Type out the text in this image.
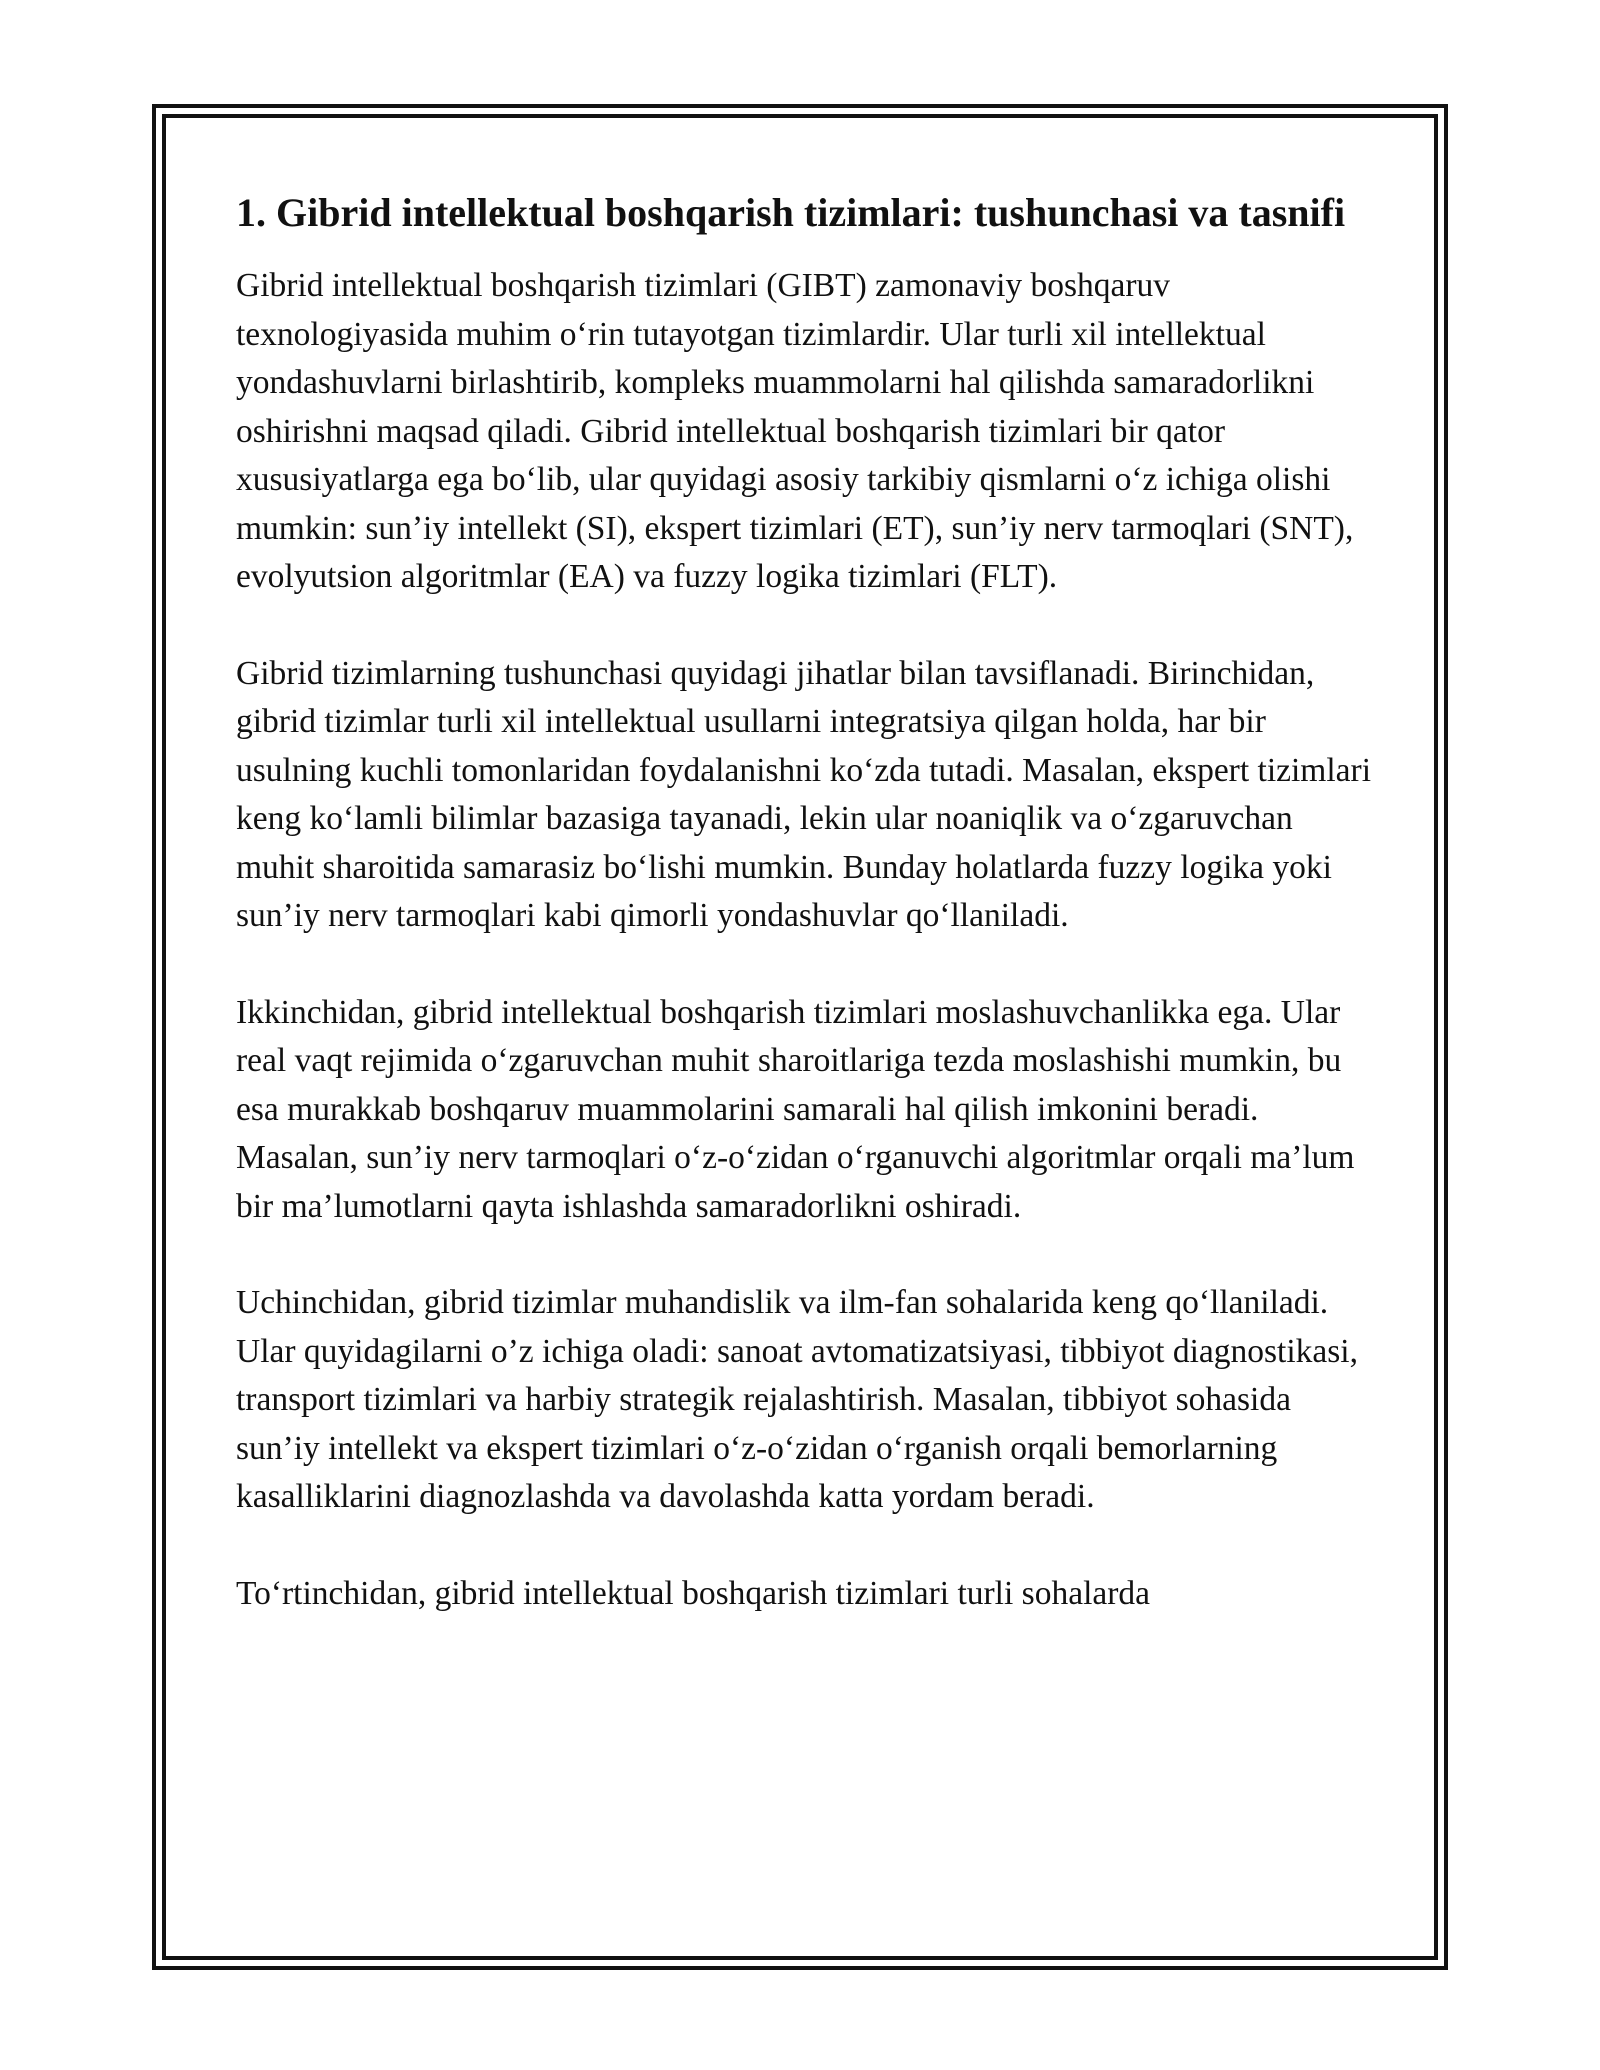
1. Gibrid intellektual boshqarish tizimlari: tushunchasi va tasnifi

Gibrid intellektual boshqarish tizimlari (GIBT) zamonaviy boshqaruv texnologiyasida muhim oʻrin tutayotgan tizimlardir. Ular turli xil intellektual yondashuvlarni birlashtirib, kompleks muammolarni hal qilishda samaradorlikni oshirishni maqsad qiladi. Gibrid intellektual boshqarish tizimlari bir qator xususiyatlarga ega boʻlib, ular quyidagi asosiy tarkibiy qismlarni oʻz ichiga olishi mumkin: sunʼiy intellekt (SI), ekspert tizimlari (ET), sun’iy nerv tarmoqlari (SNT), evolyutsion algoritmlar (EA) va fuzzy logika tizimlari (FLT).

Gibrid tizimlarning tushunchasi quyidagi jihatlar bilan tavsiflanadi. Birinchidan, gibrid tizimlar turli xil intellektual usullarni integratsiya qilgan holda, har bir usulning kuchli tomonlaridan foydalanishni koʻzda tutadi. Masalan, ekspert tizimlari keng koʻlamli bilimlar bazasiga tayanadi, lekin ular noaniqlik va oʻzgaruvchan muhit sharoitida samarasiz boʻlishi mumkin. Bunday holatlarda fuzzy logika yoki sun’iy nerv tarmoqlari kabi qimorli yondashuvlar qoʻllaniladi.

Ikkinchidan, gibrid intellektual boshqarish tizimlari moslashuvchanlikka ega. Ular real vaqt rejimida oʻzgaruvchan muhit sharoitlariga tezda moslashishi mumkin, bu esa murakkab boshqaruv muammolarini samarali hal qilish imkonini beradi. Masalan, sun’iy nerv tarmoqlari oʻz-oʻzidan oʻrganuvchi algoritmlar orqali ma’lum bir ma’lumotlarni qayta ishlashda samaradorlikni oshiradi.

Uchinchidan, gibrid tizimlar muhandislik va ilm-fan sohalarida keng qoʻllaniladi. Ular quyidagilarni o’z ichiga oladi: sanoat avtomatizatsiyasi, tibbiyot diagnostikasi, transport tizimlari va harbiy strategik rejalashtirish. Masalan, tibbiyot sohasida sun’iy intellekt va ekspert tizimlari oʻz-oʻzidan oʻrganish orqali bemorlarning kasalliklarini diagnozlashda va davolashda katta yordam beradi.

Toʻrtinchidan, gibrid intellektual boshqarish tizimlari turli sohalarda
